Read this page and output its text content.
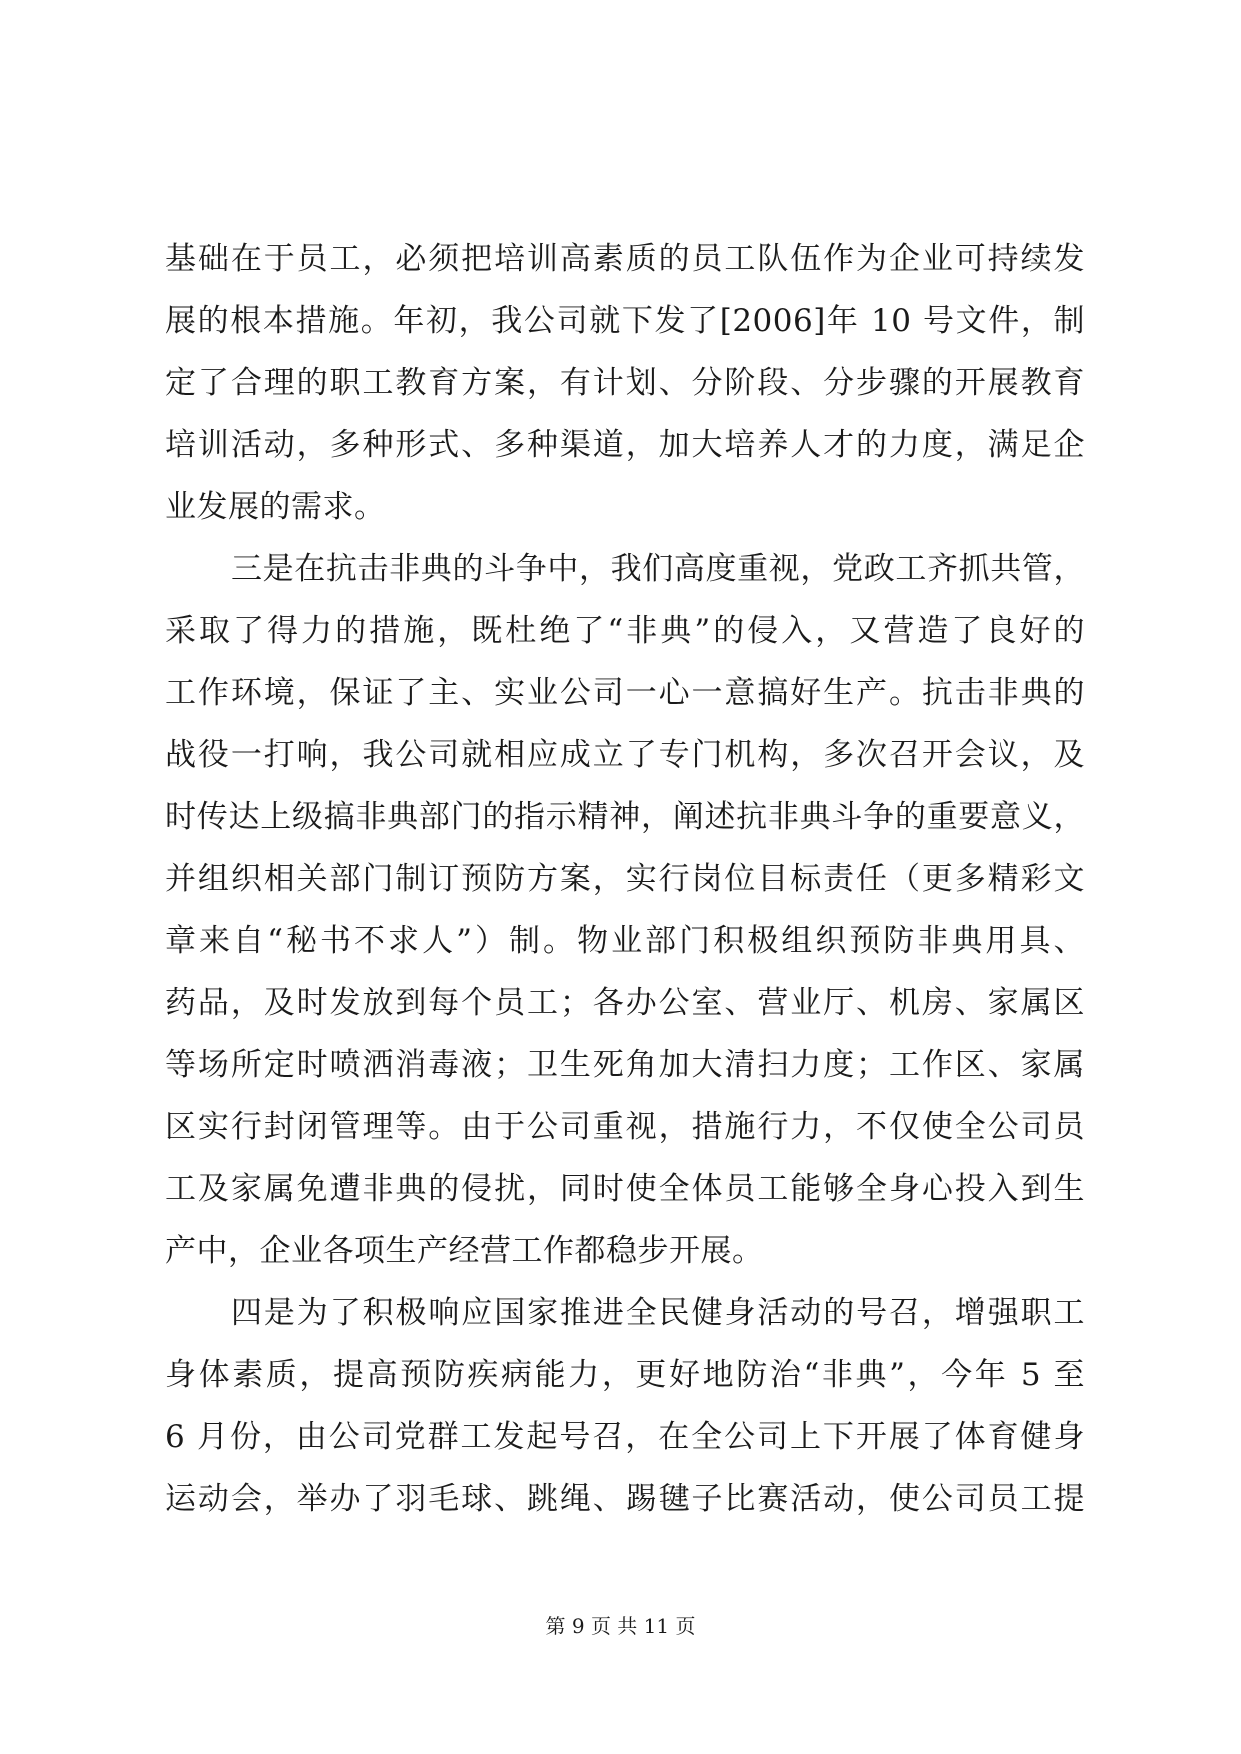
基础在于员工，必须把培训高素质的员工队伍作为企业可持续发
展的根本措施。年初，我公司就下发了[2006]年 10 号文件，制
定了合理的职工教育方案，有计划、分阶段、分步骤的开展教育
培训活动，多种形式、多种渠道，加大培养人才的力度，满足企
业发展的需求。
三是在抗击非典的斗争中，我们高度重视，党政工齐抓共管，
采取了得力的措施，既杜绝了“非典”的侵入，又营造了良好的
工作环境，保证了主、实业公司一心一意搞好生产。抗击非典的
战役一打响，我公司就相应成立了专门机构，多次召开会议，及
时传达上级搞非典部门的指示精神，阐述抗非典斗争的重要意义，
并组织相关部门制订预防方案，实行岗位目标责任（更多精彩文
章来自“秘书不求人”）制。物业部门积极组织预防非典用具、
药品，及时发放到每个员工；各办公室、营业厅、机房、家属区
等场所定时喷洒消毒液；卫生死角加大清扫力度；工作区、家属
区实行封闭管理等。由于公司重视，措施行力，不仅使全公司员
工及家属免遭非典的侵扰，同时使全体员工能够全身心投入到生
产中，企业各项生产经营工作都稳步开展。
四是为了积极响应国家推进全民健身活动的号召，增强职工
身体素质，提高预防疾病能力，更好地防治“非典”，今年 5 至
6 月份，由公司党群工发起号召，在全公司上下开展了体育健身
运动会，举办了羽毛球、跳绳、踢毽子比赛活动，使公司员工提
第 9 页 共 11 页
